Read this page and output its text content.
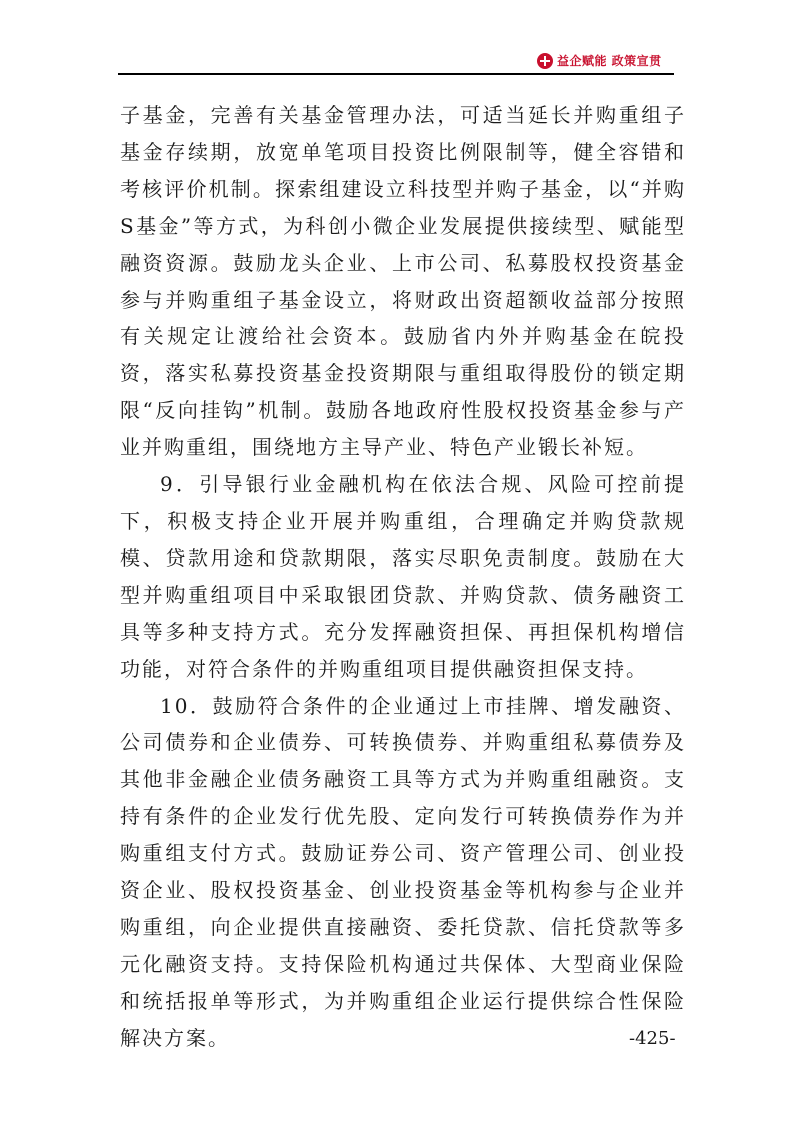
益企赋能 政策宣贯

子基金，完善有关基金管理办法，可适当延长并购重组子基金存续期，放宽单笔项目投资比例限制等，健全容错和考核评价机制。探索组建设立科技型并购子基金，以“并购S基金”等方式，为科创小微企业发展提供接续型、赋能型融资资源。鼓励龙头企业、上市公司、私募股权投资基金参与并购重组子基金设立，将财政出资超额收益部分按照有关规定让渡给社会资本。鼓励省内外并购基金在皖投资，落实私募投资基金投资期限与重组取得股份的锁定期限“反向挂钩”机制。鼓励各地政府性股权投资基金参与产业并购重组，围绕地方主导产业、特色产业锻长补短。

9．引导银行业金融机构在依法合规、风险可控前提下，积极支持企业开展并购重组，合理确定并购贷款规模、贷款用途和贷款期限，落实尽职免责制度。鼓励在大型并购重组项目中采取银团贷款、并购贷款、债务融资工具等多种支持方式。充分发挥融资担保、再担保机构增信功能，对符合条件的并购重组项目提供融资担保支持。

10．鼓励符合条件的企业通过上市挂牌、增发融资、公司债券和企业债券、可转换债券、并购重组私募债券及其他非金融企业债务融资工具等方式为并购重组融资。支持有条件的企业发行优先股、定向发行可转换债券作为并购重组支付方式。鼓励证券公司、资产管理公司、创业投资企业、股权投资基金、创业投资基金等机构参与企业并购重组，向企业提供直接融资、委托贷款、信托贷款等多元化融资支持。支持保险机构通过共保体、大型商业保险和统括报单等形式，为并购重组企业运行提供综合性保险解决方案。	-425-
